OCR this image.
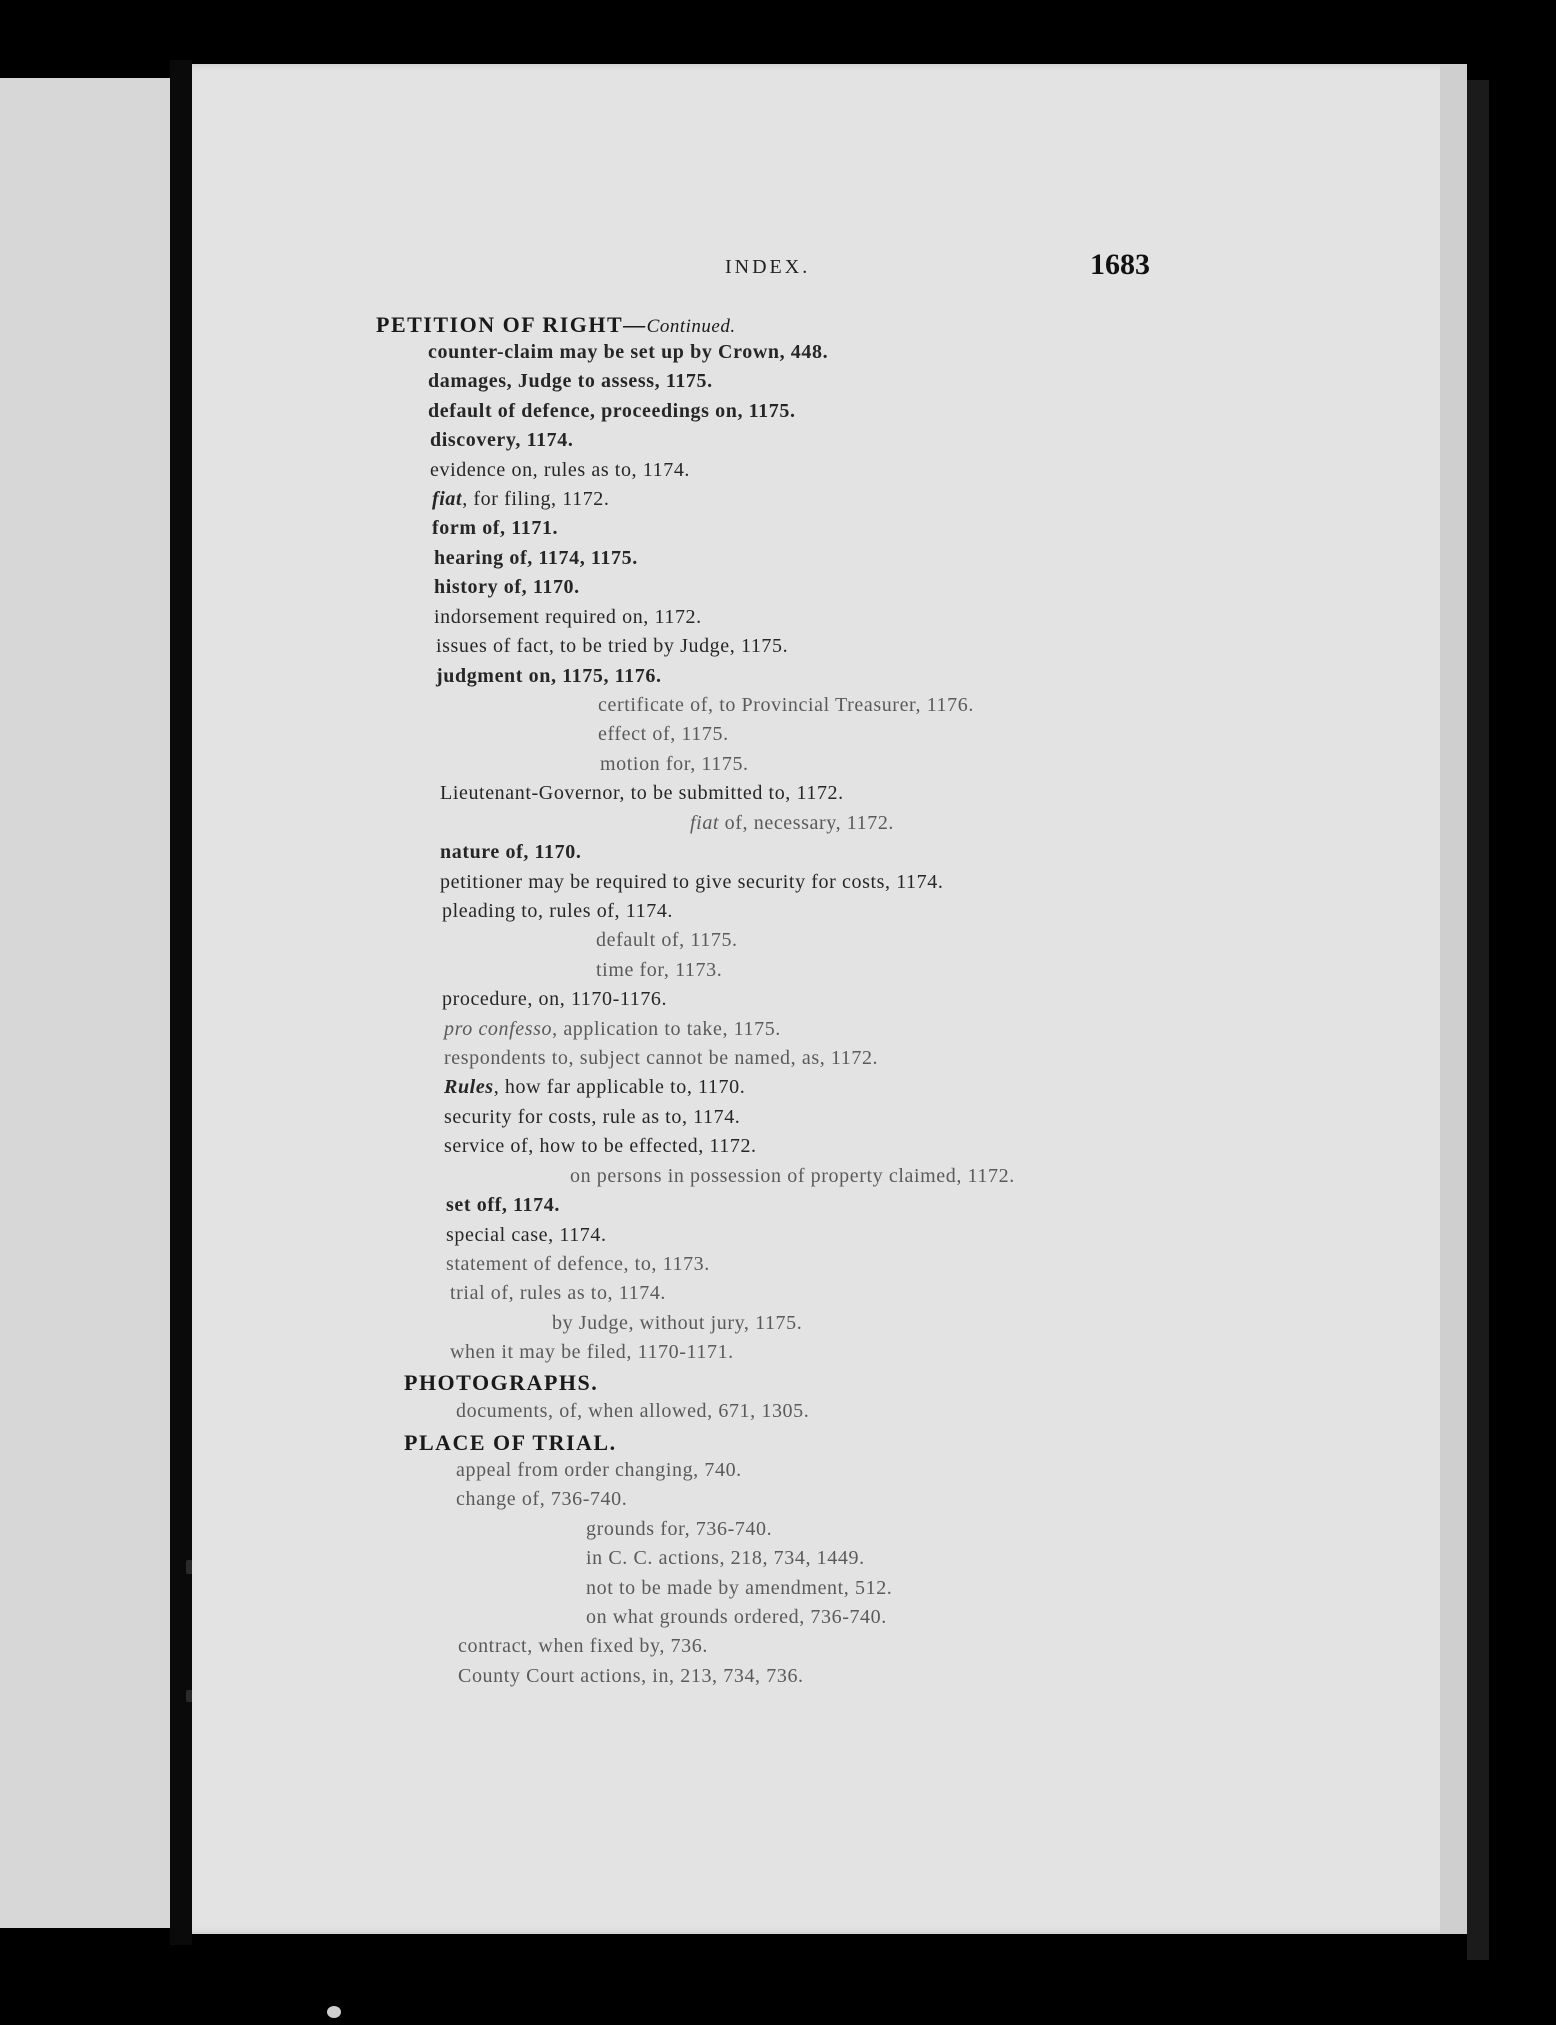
INDEX.	1683
PETITION OF RIGHT—Continued.
counter-claim may be set up by Crown, 448.
damages, Judge to assess, 1175.
default of defence, proceedings on, 1175.
discovery, 1174.
evidence on, rules as to, 1174.
fiat, for filing, 1172.
form of, 1171.
hearing of, 1174, 1175.
history of, 1170.
indorsement required on, 1172.
issues of fact, to be tried by Judge, 1175.
judgment on, 1175, 1176.
certificate of, to Provincial Treasurer, 1176.
effect of, 1175.
motion for, 1175.
Lieutenant-Governor, to be submitted to, 1172.
fiat of, necessary, 1172.
nature of, 1170.
petitioner may be required to give security for costs, 1174.
pleading to, rules of, 1174.
default of, 1175.
time for, 1173.
procedure, on, 1170-1176.
pro confesso, application to take, 1175.
respondents to, subject cannot be named, as, 1172.
Rules, how far applicable to, 1170.
security for costs, rule as to, 1174.
service of, how to be effected, 1172.
on persons in possession of property claimed, 1172.
set off, 1174.
special case, 1174.
statement of defence, to, 1173.
trial of, rules as to, 1174.
by Judge, without jury, 1175.
when it may be filed, 1170-1171.
PHOTOGRAPHS.
documents, of, when allowed, 671, 1305.
PLACE OF TRIAL.
appeal from order changing, 740.
change of, 736-740.
grounds for, 736-740.
in C. C. actions, 218, 734, 1449.
not to be made by amendment, 512.
on what grounds ordered, 736-740.
contract, when fixed by, 736.
County Court actions, in, 213, 734, 736.
